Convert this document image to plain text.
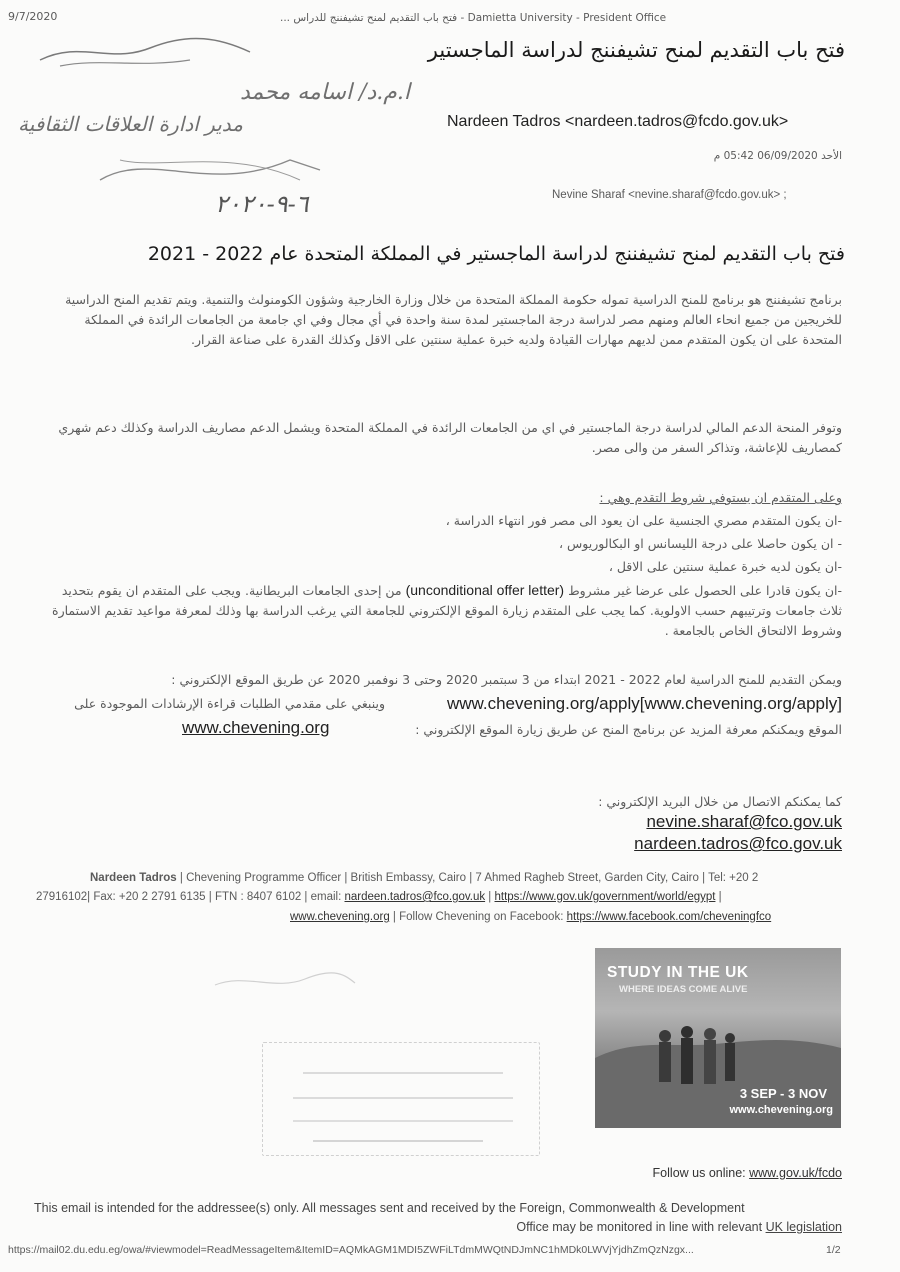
9/7/2020	... فتح باب التقديم لمنح تشيفننج للدراس - Damietta University - President Office
ا.م.د/ اسامه محمد
مدير ادارة العلاقات الثقافية
٦-٩-٢٠٢٠
فتح باب التقديم لمنح تشيفننج لدراسة الماجستير
Nardeen Tadros <nardeen.tadros@fcdo.gov.uk>
الأحد 06/09/2020 05:42 م
‏Nevine Sharaf <nevine.sharaf@fcdo.gov.uk> ;
فتح باب التقديم لمنح تشيفننج لدراسة الماجستير في المملكة المتحدة عام 2022 - 2021
برنامج تشيفننج هو برنامج للمنح الدراسية تموله حكومة المملكة المتحدة من خلال وزارة الخارجية وشؤون الكومنولث والتنمية. ويتم تقديم المنح الدراسية للخريجين من جميع انحاء العالم ومنهم مصر لدراسة درجة الماجستير لمدة سنة واحدة في أي مجال وفي اي جامعة من الجامعات الرائدة في المملكة المتحدة على ان يكون المتقدم ممن لديهم مهارات القيادة ولديه خبرة عملية سنتين على الاقل وكذلك القدرة على صناعة القرار.
وتوفر المنحة الدعم المالي لدراسة درجة الماجستير في اي من الجامعات الرائدة في المملكة المتحدة ويشمل الدعم مصاريف الدراسة وكذلك دعم شهري كمصاريف للإعاشة، وتذاكر السفر من والى مصر.
وعلى المتقدم ان يستوفي شروط التقدم وهي :
-ان يكون المتقدم مصري الجنسية على ان يعود الى مصر فور انتهاء الدراسة ،
- ان يكون حاصلا على درجة الليسانس او البكالوريوس ،
-ان يكون لديه خبرة عملية سنتين على الاقل ،
-ان يكون قادرا على الحصول على عرضا غير مشروط (unconditional offer letter) من إحدى الجامعات البريطانية. ويجب على المتقدم ان يقوم بتحديد ثلاث جامعات وترتيبهم حسب الاولوية. كما يجب على المتقدم زيارة الموقع الإلكتروني للجامعة التي يرغب الدراسة بها وذلك لمعرفة مواعيد تقديم الاستمارة وشروط الالتحاق الخاص بالجامعة .
ويمكن التقديم للمنح الدراسية لعام 2022 - 2021 ابتداء من 3 سبتمبر 2020 وحتى 3 نوفمبر 2020 عن طريق الموقع الإلكتروني :
وينبغي على مقدمي الطلبات قراءة الإرشادات الموجودة على	www.chevening.org/apply[www.chevening.org/apply]
الموقع ويمكنكم معرفة المزيد عن برنامج المنح عن طريق زيارة الموقع الإلكتروني :
www.chevening.org
كما يمكنكم الاتصال من خلال البريد الإلكتروني :
nevine.sharaf@fco.gov.uk
nardeen.tadros@fco.gov.uk
Nardeen Tadros | Chevening Programme Officer | British Embassy, Cairo | 7 Ahmed Ragheb Street, Garden City, Cairo | Tel: +20 2
27916102| Fax: +20 2 2791 6135 | FTN : 8407 6102 | email: nardeen.tadros@fco.gov.uk | https://www.gov.uk/government/world/egypt |
www.chevening.org | Follow Chevening on Facebook: https://www.facebook.com/cheveningfco
STUDY IN THE UK
WHERE IDEAS COME ALIVE
3 SEP - 3 NOV
www.chevening.org
Follow us online: www.gov.uk/fcdo
This email is intended for the addressee(s) only. All messages sent and received by the Foreign, Commonwealth & Development
Office may be monitored in line with relevant UK legislation
https://mail02.du.edu.eg/owa/#viewmodel=ReadMessageItem&ItemID=AQMkAGM1MDI5ZWFiLTdmMWQtNDJmNC1hMDk0LWVjYjdhZmQzNzgx...	1/2
